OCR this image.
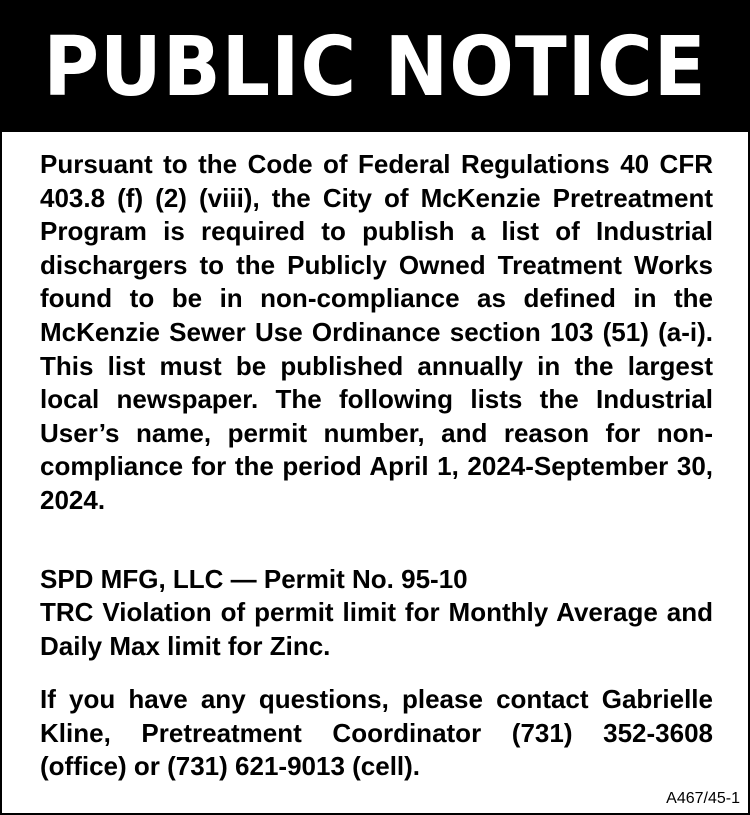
PUBLIC NOTICE

Pursuant to the Code of Federal Regulations 40 CFR 403.8 (f) (2) (viii), the City of McKenzie Pretreatment Program is required to publish a list of Industrial dischargers to the Publicly Owned Treatment Works found to be in non-compliance as defined in the McKenzie Sewer Use Ordinance section 103 (51) (a-i). This list must be published annually in the largest local newspaper. The following lists the Industrial User’s name, permit number, and reason for non-compliance for the period April 1, 2024-September 30, 2024.

SPD MFG, LLC — Permit No. 95-10

TRC Violation of permit limit for Monthly Average and Daily Max limit for Zinc.

If you have any questions, please contact Gabrielle Kline, Pretreatment Coordinator (731) 352-3608 (office) or (731) 621-9013 (cell).

A467/45-1
